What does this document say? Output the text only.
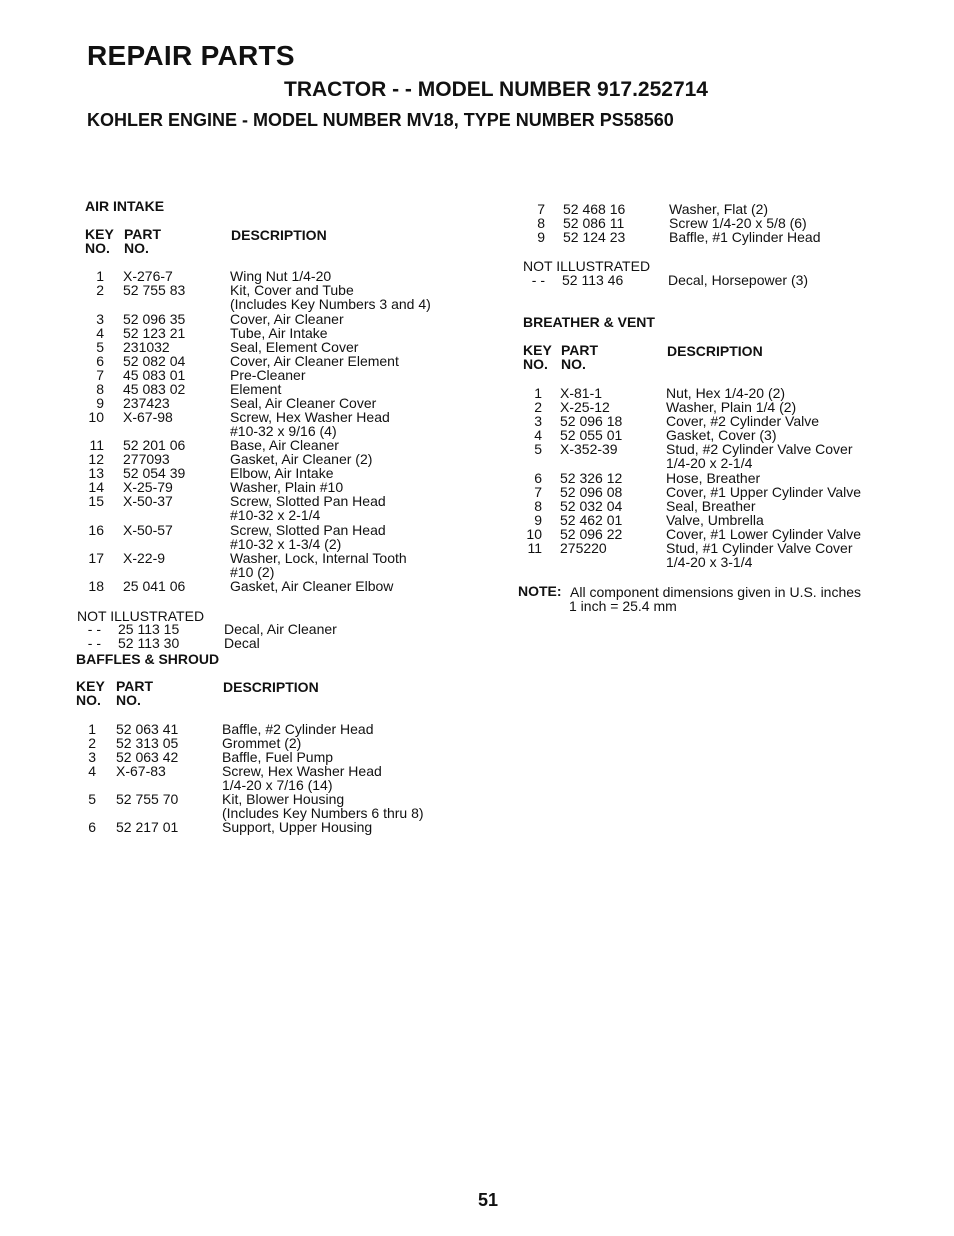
REPAIR PARTS
TRACTOR - - MODEL NUMBER 917.252714
KOHLER ENGINE - MODEL NUMBER MV18, TYPE NUMBER PS58560
AIR INTAKE
KEY
NO.
PART
NO.
DESCRIPTION
1 X-276-7	Wing Nut 1/4-20
2 52 755 83	Kit, Cover and Tube
(Includes Key Numbers 3 and 4)
3 52 096 35	Cover, Air Cleaner
4 52 123 21	Tube, Air Intake
5 231032	Seal, Element Cover
6 52 082 04	Cover, Air Cleaner Element
7 45 083 01	Pre-Cleaner
8 45 083 02	Element
9 237423	Seal, Air Cleaner Cover
10 X-67-98	Screw, Hex Washer Head
#10-32 x 9/16 (4)
11 52 201 06	Base, Air Cleaner
12 277093	Gasket, Air Cleaner (2)
13 52 054 39	Elbow, Air Intake
14 X-25-79	Washer, Plain #10
15 X-50-37	Screw, Slotted Pan Head
#10-32 x 2-1/4
16 X-50-57	Screw, Slotted Pan Head
#10-32 x 1-3/4 (2)
17 X-22-9	Washer, Lock, Internal Tooth
#10 (2)
18 25 041 06	Gasket, Air Cleaner Elbow
NOT ILLUSTRATED
- - 25 113 15	Decal, Air Cleaner
- - 52 113 30	Decal
BAFFLES & SHROUD
KEY
NO.
PART
NO.
DESCRIPTION
1 52 063 41	Baffle, #2 Cylinder Head
2 52 313 05	Grommet (2)
3 52 063 42	Baffle, Fuel Pump
4 X-67-83	Screw, Hex Washer Head
1/4-20 x 7/16 (14)
5 52 755 70	Kit, Blower Housing
(Includes Key Numbers 6 thru 8)
6 52 217 01	Support, Upper Housing
7 52 468 16	Washer, Flat (2)
8 52 086 11	Screw 1/4-20 x 5/8 (6)
9 52 124 23	Baffle, #1 Cylinder Head
NOT ILLUSTRATED
- - 52 113 46	Decal, Horsepower (3)
BREATHER & VENT
KEY
NO.
PART
NO.
DESCRIPTION
1 X-81-1	Nut, Hex 1/4-20 (2)
2 X-25-12	Washer, Plain 1/4 (2)
3 52 096 18	Cover, #2 Cylinder Valve
4 52 055 01	Gasket, Cover (3)
5 X-352-39	Stud, #2 Cylinder Valve Cover
1/4-20 x 2-1/4
6 52 326 12	Hose, Breather
7 52 096 08	Cover, #1 Upper Cylinder Valve
8 52 032 04	Seal, Breather
9 52 462 01	Valve, Umbrella
10 52 096 22	Cover, #1 Lower Cylinder Valve
11 275220	Stud, #1 Cylinder Valve Cover
1/4-20 x 3-1/4
NOTE: All component dimensions given in U.S. inches
1 inch = 25.4 mm
51
